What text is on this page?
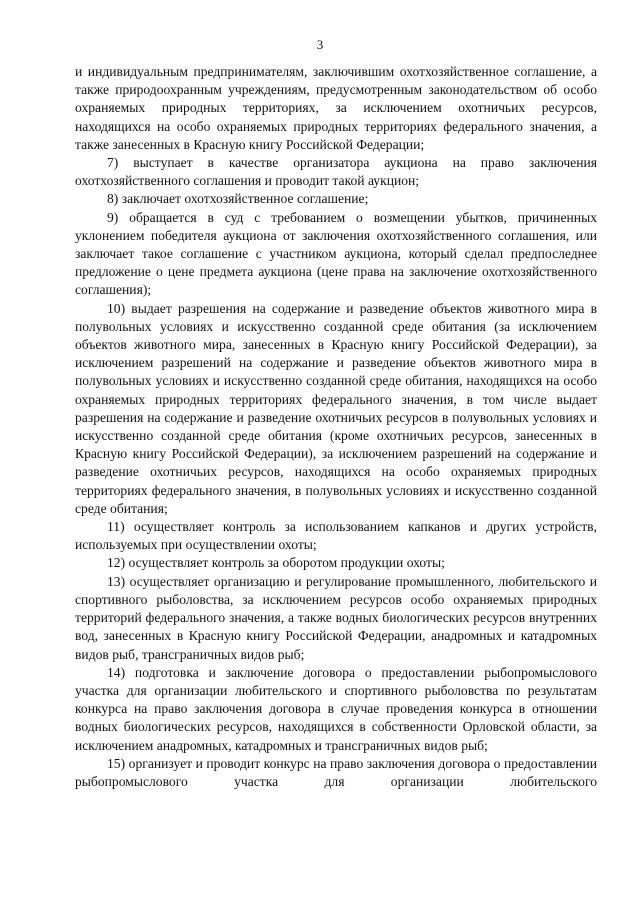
3

и индивидуальным предпринимателям, заключившим охотхозяйственное соглашение, а также природоохранным учреждениям, предусмотренным законодательством об особо охраняемых природных территориях, за исключением охотничьих ресурсов, находящихся на особо охраняемых природных территориях федерального значения, а также занесенных в Красную книгу Российской Федерации;

7) выступает в качестве организатора аукциона на право заключения охотхозяйственного соглашения и проводит такой аукцион;

8) заключает охотхозяйственное соглашение;

9) обращается в суд с требованием о возмещении убытков, причиненных уклонением победителя аукциона от заключения охотхозяйственного соглашения, или заключает такое соглашение с участником аукциона, который сделал предпоследнее предложение о цене предмета аукциона (цене права на заключение охотхозяйственного соглашения);

10) выдает разрешения на содержание и разведение объектов животного мира в полувольных условиях и искусственно созданной среде обитания (за исключением объектов животного мира, занесенных в Красную книгу Российской Федерации), за исключением разрешений на содержание и разведение объектов животного мира в полувольных условиях и искусственно созданной среде обитания, находящихся на особо охраняемых природных территориях федерального значения, в том числе выдает разрешения на содержание и разведение охотничьих ресурсов в полувольных условиях и искусственно созданной среде обитания (кроме охотничьих ресурсов, занесенных в Красную книгу Российской Федерации), за исключением разрешений на содержание и разведение охотничьих ресурсов, находящихся на особо охраняемых природных территориях федерального значения, в полувольных условиях и искусственно созданной среде обитания;

11) осуществляет контроль за использованием капканов и других устройств, используемых при осуществлении охоты;

12) осуществляет контроль за оборотом продукции охоты;

13) осуществляет организацию и регулирование промышленного, любительского и спортивного рыболовства, за исключением ресурсов особо охраняемых природных территорий федерального значения, а также водных биологических ресурсов внутренних вод, занесенных в Красную книгу Российской Федерации, анадромных и катадромных видов рыб, трансграничных видов рыб;

14) подготовка и заключение договора о предоставлении рыбопромыслового участка для организации любительского и спортивного рыболовства по результатам конкурса на право заключения договора в случае проведения конкурса в отношении водных биологических ресурсов, находящихся в собственности Орловской области, за исключением анадромных, катадромных и трансграничных видов рыб;

15) организует и проводит конкурс на право заключения договора о предоставлении рыбопромыслового участка для организации любительского
